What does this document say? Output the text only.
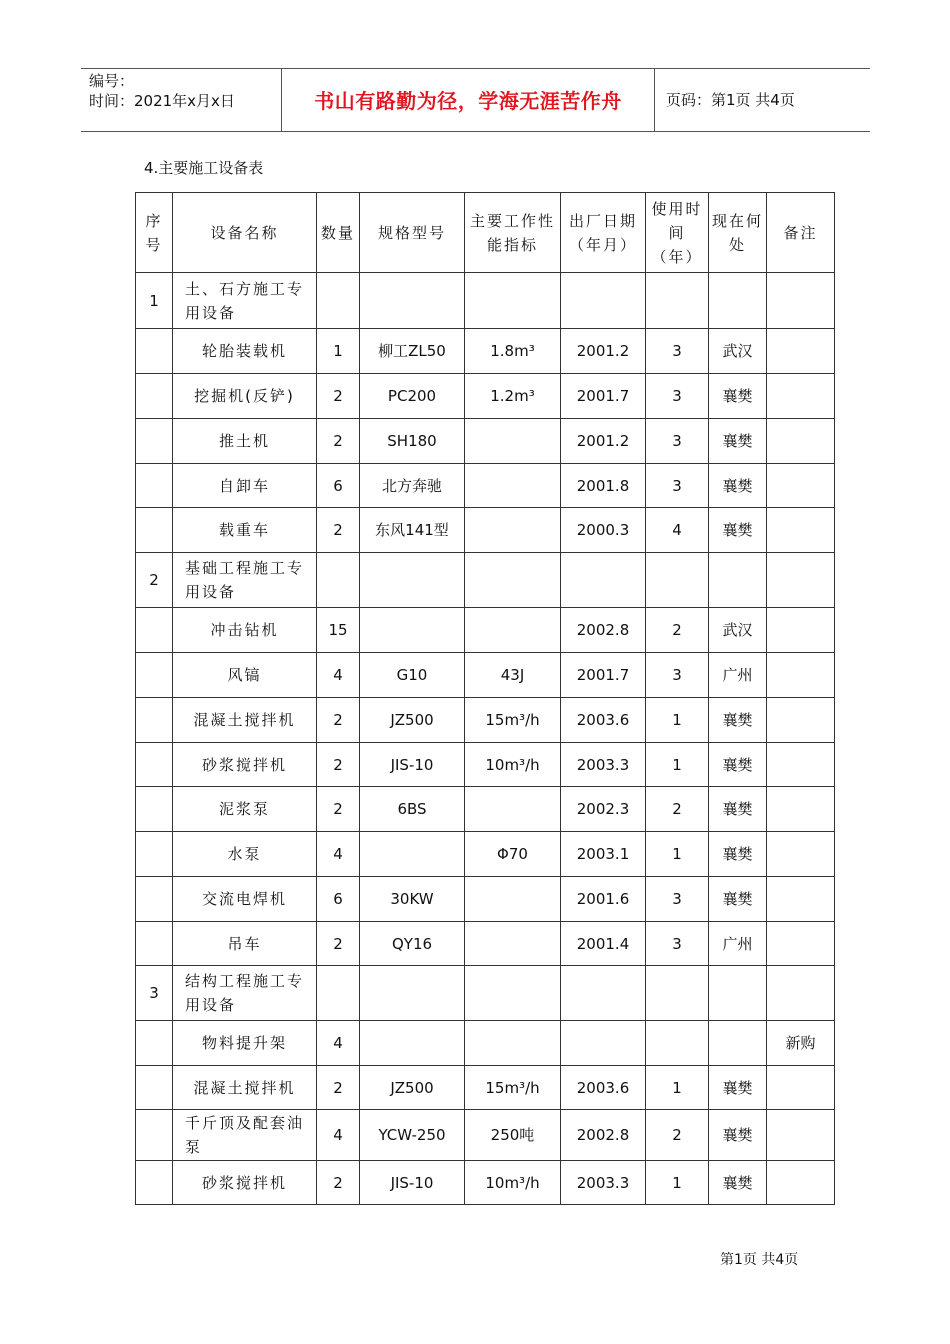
编号：
时间：2021年x月x日	书山有路勤为径，学海无涯苦作舟	页码：第1页 共4页
4.主要施工设备表
序号	设备名称	数量	规格型号	主要工作性能指标	出厂日期（年月）	使用时间（年）	现在何处	备注
1	土、石方施工专用设备							
	轮胎装载机	1	柳工ZL50	1.8m³	2001.2	3	武汉	
	挖掘机(反铲)	2	PC200	1.2m³	2001.7	3	襄樊	
	推土机	2	SH180		2001.2	3	襄樊	
	自卸车	6	北方奔驰		2001.8	3	襄樊	
	载重车	2	东风141型		2000.3	4	襄樊	
2	基础工程施工专用设备							
	冲击钻机	15			2002.8	2	武汉	
	风镐	4	G10	43J	2001.7	3	广州	
	混凝土搅拌机	2	JZ500	15m³/h	2003.6	1	襄樊	
	砂浆搅拌机	2	JIS-10	10m³/h	2003.3	1	襄樊	
	泥浆泵	2	6BS		2002.3	2	襄樊	
	水泵	4		Φ70	2003.1	1	襄樊	
	交流电焊机	6	30KW		2001.6	3	襄樊	
	吊车	2	QY16		2001.4	3	广州	
3	结构工程施工专用设备							
	物料提升架	4						新购
	混凝土搅拌机	2	JZ500	15m³/h	2003.6	1	襄樊	
	千斤顶及配套油泵	4	YCW-250	250吨	2002.8	2	襄樊	
	砂浆搅拌机	2	JIS-10	10m³/h	2003.3	1	襄樊	
第1页 共4页
